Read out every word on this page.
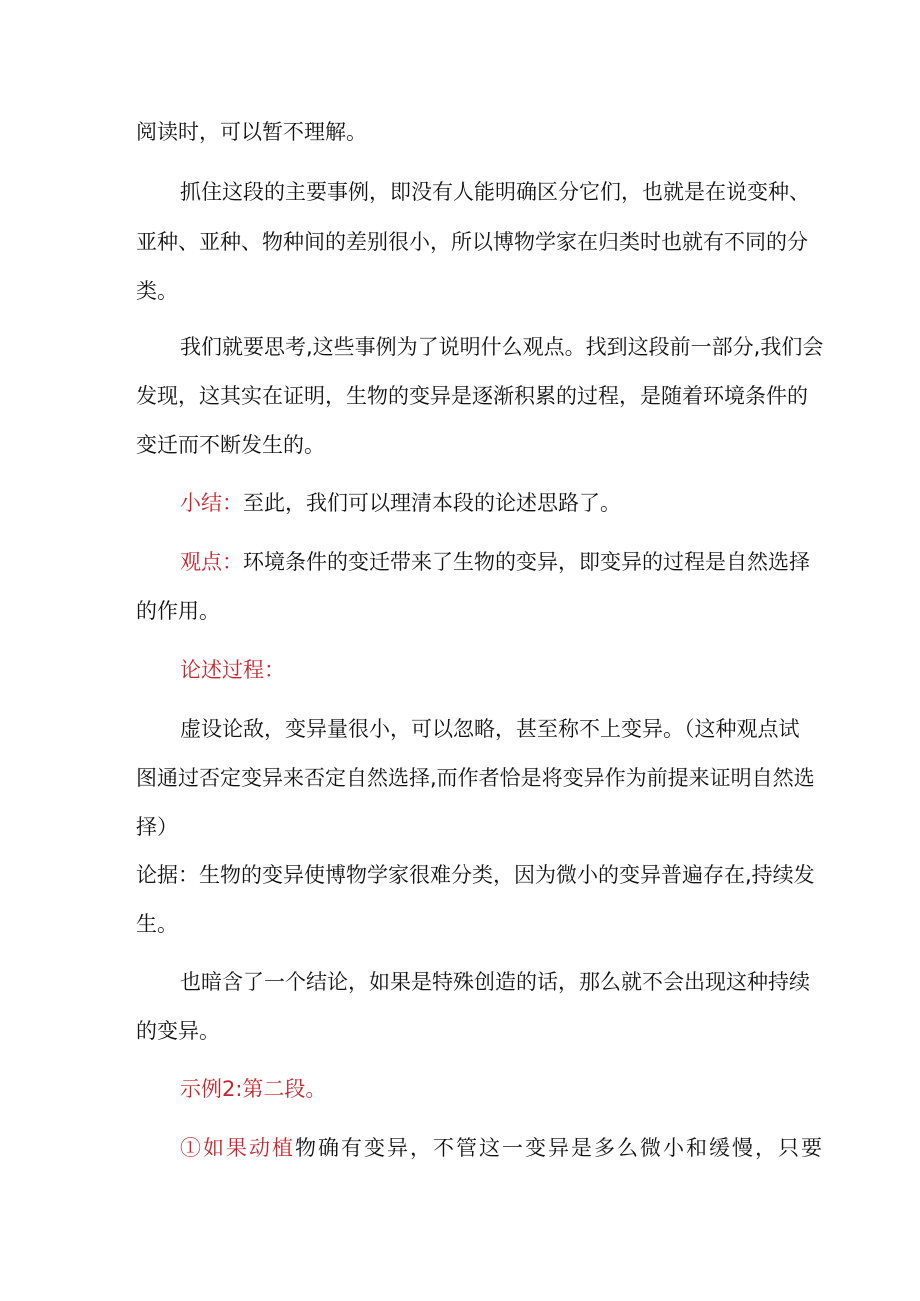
阅读时，可以暂不理解。
抓住这段的主要事例，即没有人能明确区分它们，也就是在说变种、
亚种、亚种、物种间的差别很小，所以博物学家在归类时也就有不同的分
类。
我们就要思考,这些事例为了说明什么观点。找到这段前一部分,我们会
发现，这其实在证明，生物的变异是逐渐积累的过程，是随着环境条件的
变迁而不断发生的。
小结：至此，我们可以理清本段的论述思路了。
观点：环境条件的变迁带来了生物的变异，即变异的过程是自然选择
的作用。
论述过程：
虚设论敌，变异量很小，可以忽略，甚至称不上变异。（这种观点试
图通过否定变异来否定自然选择,而作者恰是将变异作为前提来证明自然选
择）
论据：生物的变异使博物学家很难分类，因为微小的变异普遍存在,持续发
生。
也暗含了一个结论，如果是特殊创造的话，那么就不会出现这种持续
的变异。
示例2:第二段。
①如果动植物确有变异，不管这一变异是多么微小和缓慢，只要
